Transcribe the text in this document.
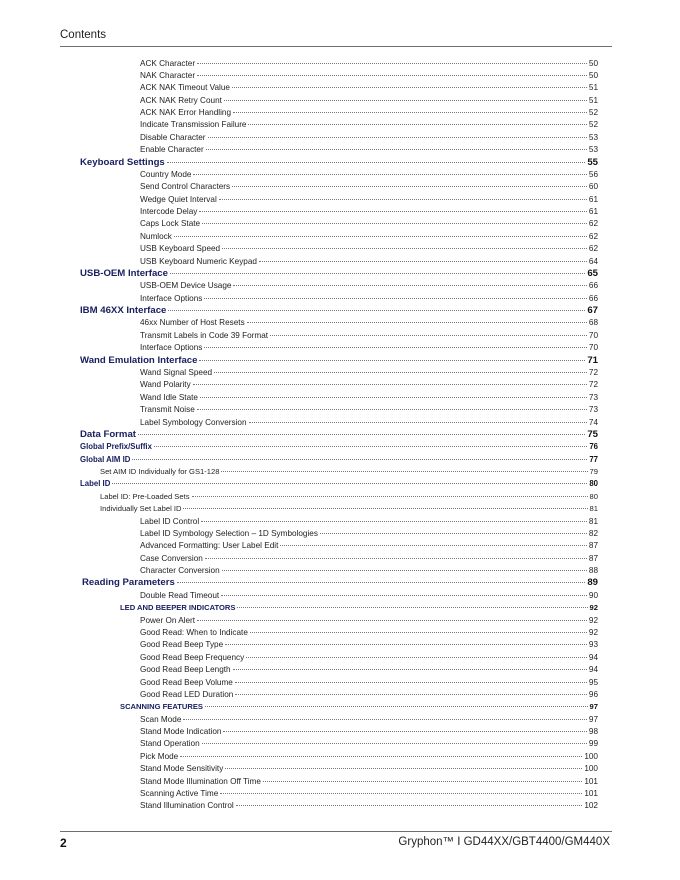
Contents
ACK Character	50
NAK Character	50
ACK NAK Timeout Value	51
ACK NAK Retry Count	51
ACK NAK Error Handling	52
Indicate Transmission Failure	52
Disable Character	53
Enable Character	53
Keyboard Settings	55
Country Mode	56
Send Control Characters	60
Wedge Quiet Interval	61
Intercode Delay	61
Caps Lock State	62
Numlock	62
USB Keyboard Speed	62
USB Keyboard Numeric Keypad	64
USB-OEM Interface	65
USB-OEM Device Usage	66
Interface Options	66
IBM 46XX Interface	67
46xx Number of Host Resets	68
Transmit Labels in Code 39 Format	70
Interface Options	70
Wand Emulation Interface	71
Wand Signal Speed	72
Wand Polarity	72
Wand Idle State	73
Transmit Noise	73
Label Symbology Conversion	74
Data Format	75
Global Prefix/Suffix	76
Global AIM ID	77
Set AIM ID Individually for GS1-128	79
Label ID	80
Label ID: Pre-Loaded Sets	80
Individually Set Label ID	81
Label ID Control	81
Label ID Symbology Selection – 1D Symbologies	82
Advanced Formatting: User Label Edit	87
Case Conversion	87
Character Conversion	88
Reading Parameters	89
Double Read Timeout	90
LED AND BEEPER INDICATORS	92
Power On Alert	92
Good Read: When to Indicate	92
Good Read Beep Type	93
Good Read Beep Frequency	94
Good Read Beep Length	94
Good Read Beep Volume	95
Good Read LED Duration	96
SCANNING FEATURES	97
Scan Mode	97
Stand Mode Indication	98
Stand Operation	99
Pick Mode	100
Stand Mode Sensitivity	100
Stand Mode Illumination Off Time	101
Scanning Active Time	101
Stand Illumination Control	102
2	Gryphon™ I GD44XX/GBT4400/GM440X
